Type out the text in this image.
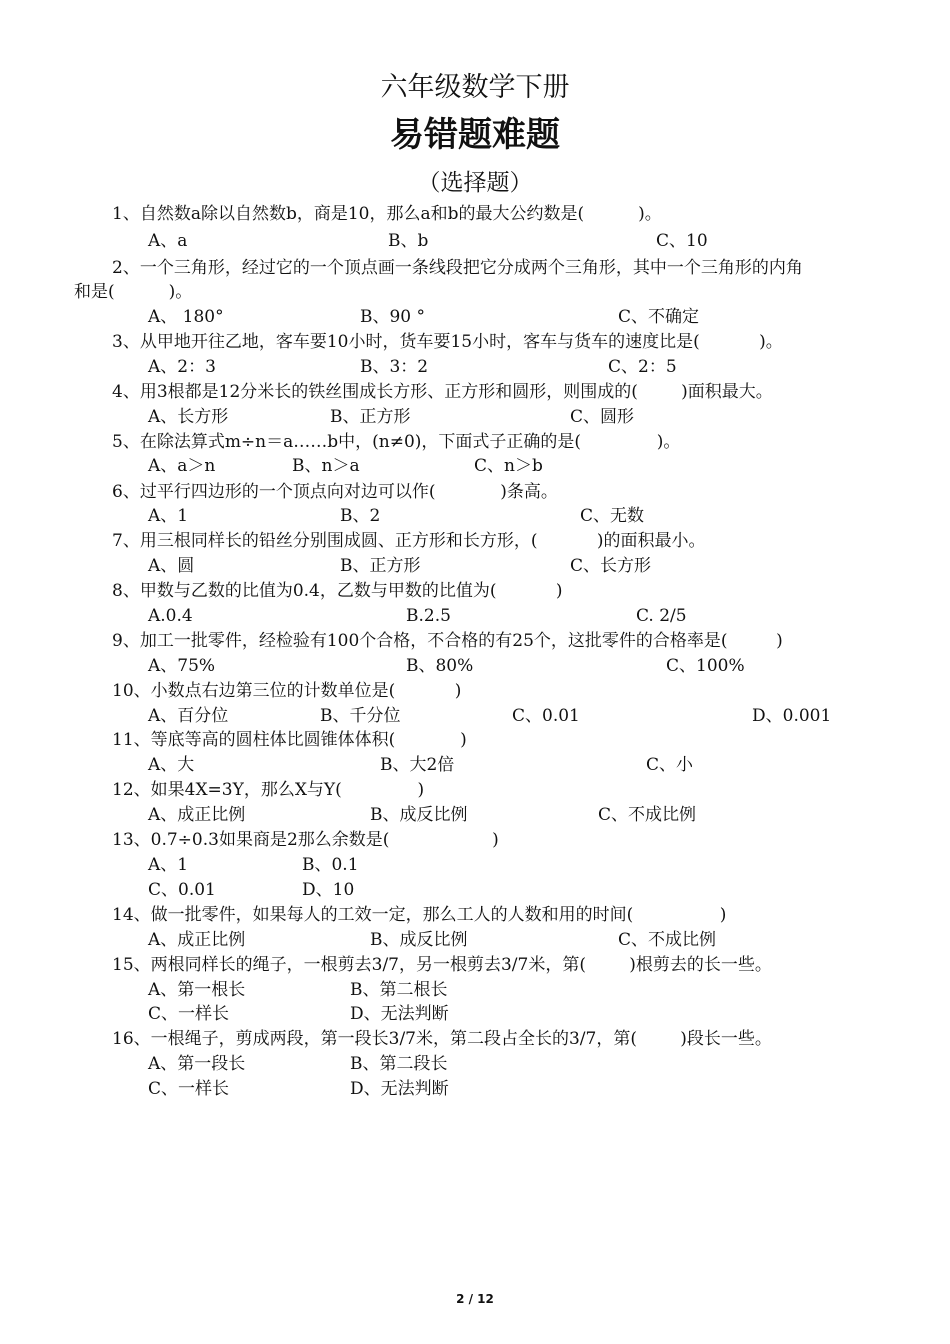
六年级数学下册
易错题难题
（选择题）
1、自然数a除以自然数b，商是10，那么a和b的最大公约数是(          )。
A、a	B、b	C、10
2、一个三角形，经过它的一个顶点画一条线段把它分成两个三角形，其中一个三角形的内角
和是(          )。
A、 180°	B、90 °	C、不确定
3、从甲地开往乙地，客车要10小时，货车要15小时，客车与货车的速度比是(           )。
A、2：3	B、3：2	C、2：5
4、用3根都是12分米长的铁丝围成长方形、正方形和圆形，则围成的(        )面积最大。
A、长方形	B、正方形	C、圆形
5、在除法算式m÷n＝a……b中，(n≠0)，下面式子正确的是(              )。
A、a＞n	B、n＞a	C、n＞b
6、过平行四边形的一个顶点向对边可以作(            )条高。
A、1	B、2	C、无数
7、用三根同样长的铅丝分别围成圆、正方形和长方形，(           )的面积最小。
A、圆	B、正方形	C、长方形
8、甲数与乙数的比值为0.4，乙数与甲数的比值为(           )
A.0.4	B.2.5	C. 2/5
9、加工一批零件，经检验有100个合格，不合格的有25个，这批零件的合格率是(         )
A、75%	B、80%	C、100%
10、小数点右边第三位的计数单位是(           )
A、百分位	B、千分位	C、0.01	D、0.001
11、等底等高的圆柱体比圆锥体体积(            )
A、大	B、大2倍	C、小
12、如果4X=3Y，那么X与Y(              )
A、成正比例	B、成反比例	C、不成比例
13、0.7÷0.3如果商是2那么余数是(                   )
A、1	B、0.1
C、0.01	D、10
14、做一批零件，如果每人的工效一定，那么工人的人数和用的时间(                )
A、成正比例	B、成反比例	C、不成比例
15、两根同样长的绳子，一根剪去3/7，另一根剪去3/7米，第(        )根剪去的长一些。
A、第一根长	B、第二根长
C、一样长	D、无法判断
16、一根绳子，剪成两段，第一段长3/7米，第二段占全长的3/7，第(        )段长一些。
A、第一段长	B、第二段长
C、一样长	D、无法判断
2 / 12
